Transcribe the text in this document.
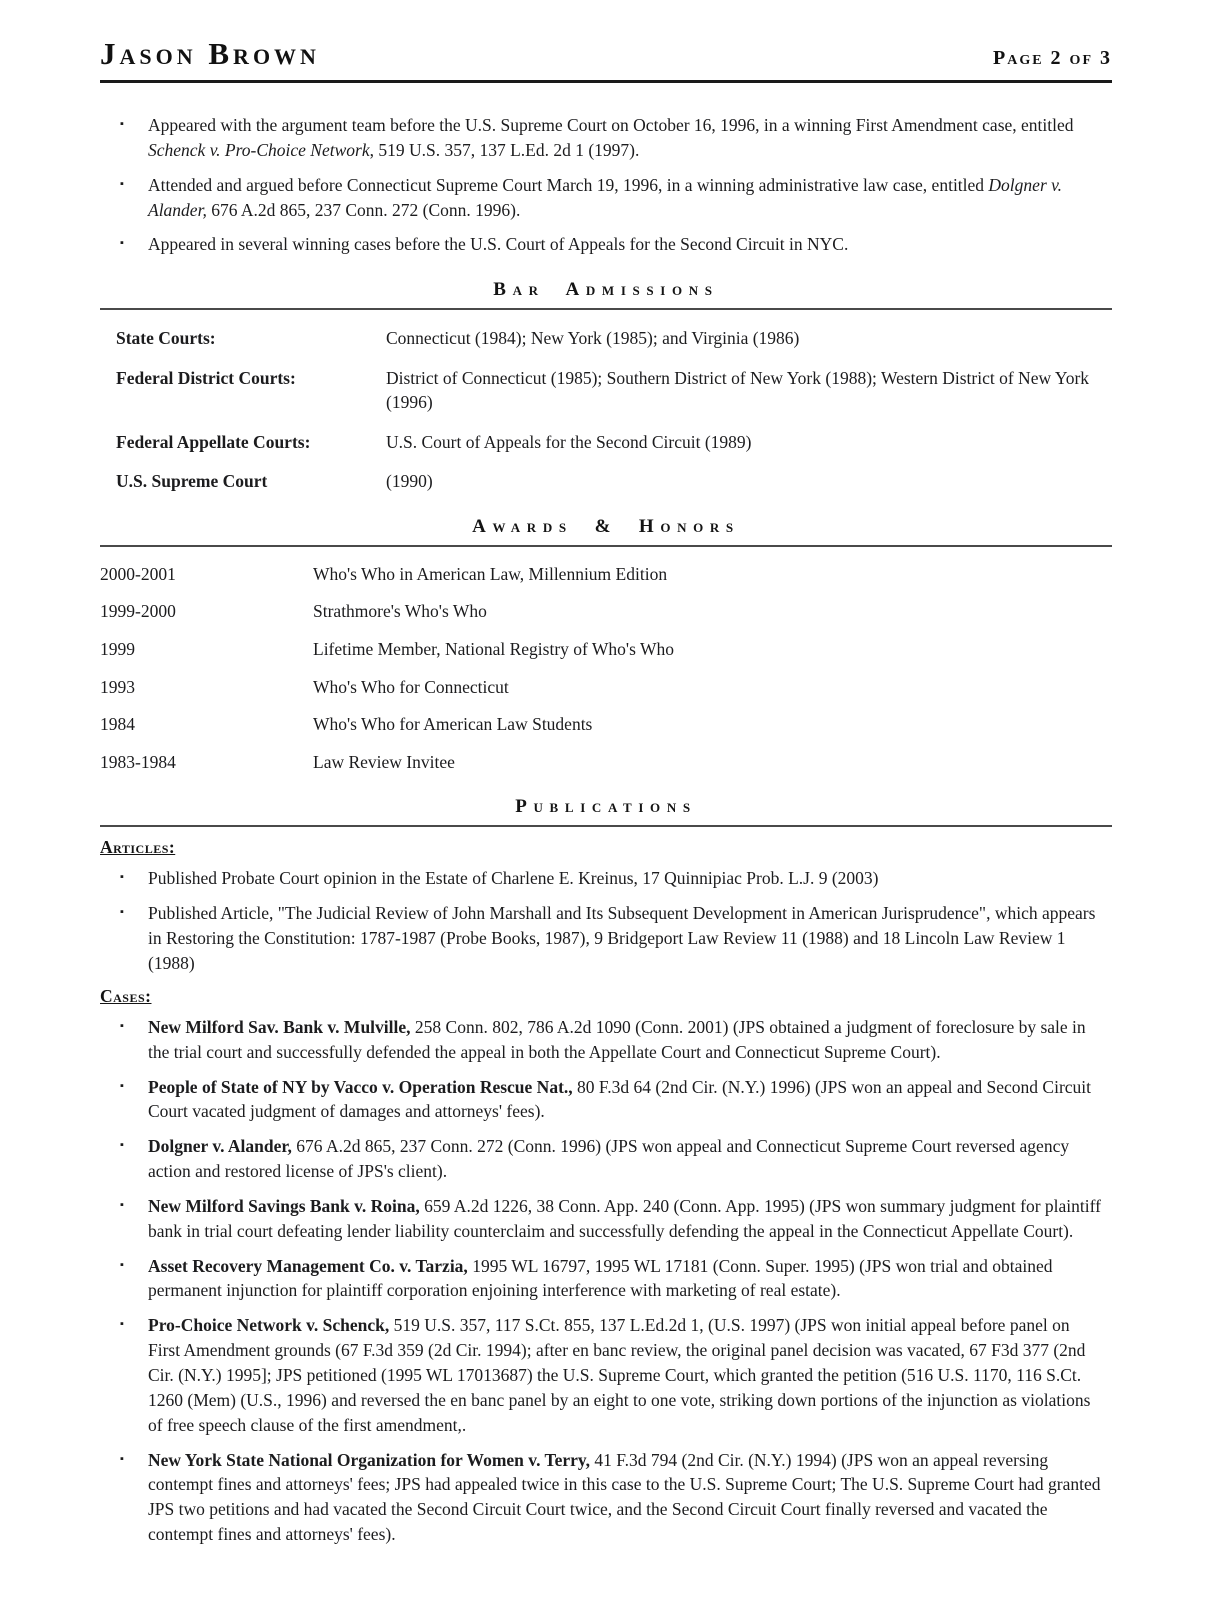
Jason Brown	Page 2 of 3
▪	Appeared with the argument team before the U.S. Supreme Court on October 16, 1996, in a winning First Amendment case, entitled Schenck v. Pro-Choice Network, 519 U.S. 357, 137 L.Ed. 2d 1 (1997).
▪	Attended and argued before Connecticut Supreme Court March 19, 1996, in a winning administrative law case, entitled Dolgner v. Alander, 676 A.2d 865, 237 Conn. 272 (Conn. 1996).
▪	Appeared in several winning cases before the U.S. Court of Appeals for the Second Circuit in NYC.
Bar Admissions
State Courts:	Connecticut (1984); New York (1985); and Virginia (1986)
Federal District Courts:	District of Connecticut (1985); Southern District of New York (1988); Western District of New York (1996)
Federal Appellate Courts:	U.S. Court of Appeals for the Second Circuit (1989)
U.S. Supreme Court	(1990)
Awards & Honors
2000-2001	Who's Who in American Law, Millennium Edition
1999-2000	Strathmore's Who's Who
1999	Lifetime Member, National Registry of Who's Who
1993	Who's Who for Connecticut
1984	Who's Who for American Law Students
1983-1984	Law Review Invitee
Publications
Articles:
▪	Published Probate Court opinion in the Estate of Charlene E. Kreinus, 17 Quinnipiac Prob. L.J. 9 (2003)
▪	Published Article, "The Judicial Review of John Marshall and Its Subsequent Development in American Jurisprudence", which appears in Restoring the Constitution: 1787-1987 (Probe Books, 1987), 9 Bridgeport Law Review 11 (1988) and 18 Lincoln Law Review 1 (1988)
Cases:
▪	New Milford Sav. Bank v. Mulville, 258 Conn. 802, 786 A.2d 1090 (Conn. 2001) (JPS obtained a judgment of foreclosure by sale in the trial court and successfully defended the appeal in both the Appellate Court and Connecticut Supreme Court).
▪	People of State of NY by Vacco v. Operation Rescue Nat., 80 F.3d 64 (2nd Cir. (N.Y.) 1996) (JPS won an appeal and Second Circuit Court vacated judgment of damages and attorneys' fees).
▪	Dolgner v. Alander, 676 A.2d 865, 237 Conn. 272 (Conn. 1996) (JPS won appeal and Connecticut Supreme Court reversed agency action and restored license of JPS's client).
▪	New Milford Savings Bank v. Roina, 659 A.2d 1226, 38 Conn. App. 240 (Conn. App. 1995) (JPS won summary judgment for plaintiff bank in trial court defeating lender liability counterclaim and successfully defending the appeal in the Connecticut Appellate Court).
▪	Asset Recovery Management Co. v. Tarzia, 1995 WL 16797, 1995 WL 17181 (Conn. Super. 1995) (JPS won trial and obtained permanent injunction for plaintiff corporation enjoining interference with marketing of real estate).
▪	Pro-Choice Network v. Schenck, 519 U.S. 357, 117 S.Ct. 855, 137 L.Ed.2d 1, (U.S. 1997) (JPS won initial appeal before panel on First Amendment grounds (67 F.3d 359 (2d Cir. 1994); after en banc review, the original panel decision was vacated, 67 F3d 377 (2nd Cir. (N.Y.) 1995]; JPS petitioned (1995 WL 17013687) the U.S. Supreme Court, which granted the petition (516 U.S. 1170, 116 S.Ct. 1260 (Mem) (U.S., 1996) and reversed the en banc panel by an eight to one vote, striking down portions of the injunction as violations of free speech clause of the first amendment,.
▪	New York State National Organization for Women v. Terry, 41 F.3d 794 (2nd Cir. (N.Y.) 1994) (JPS won an appeal reversing contempt fines and attorneys' fees; JPS had appealed twice in this case to the U.S. Supreme Court; The U.S. Supreme Court had granted JPS two petitions and had vacated the Second Circuit Court twice, and the Second Circuit Court finally reversed and vacated the contempt fines and attorneys' fees).
